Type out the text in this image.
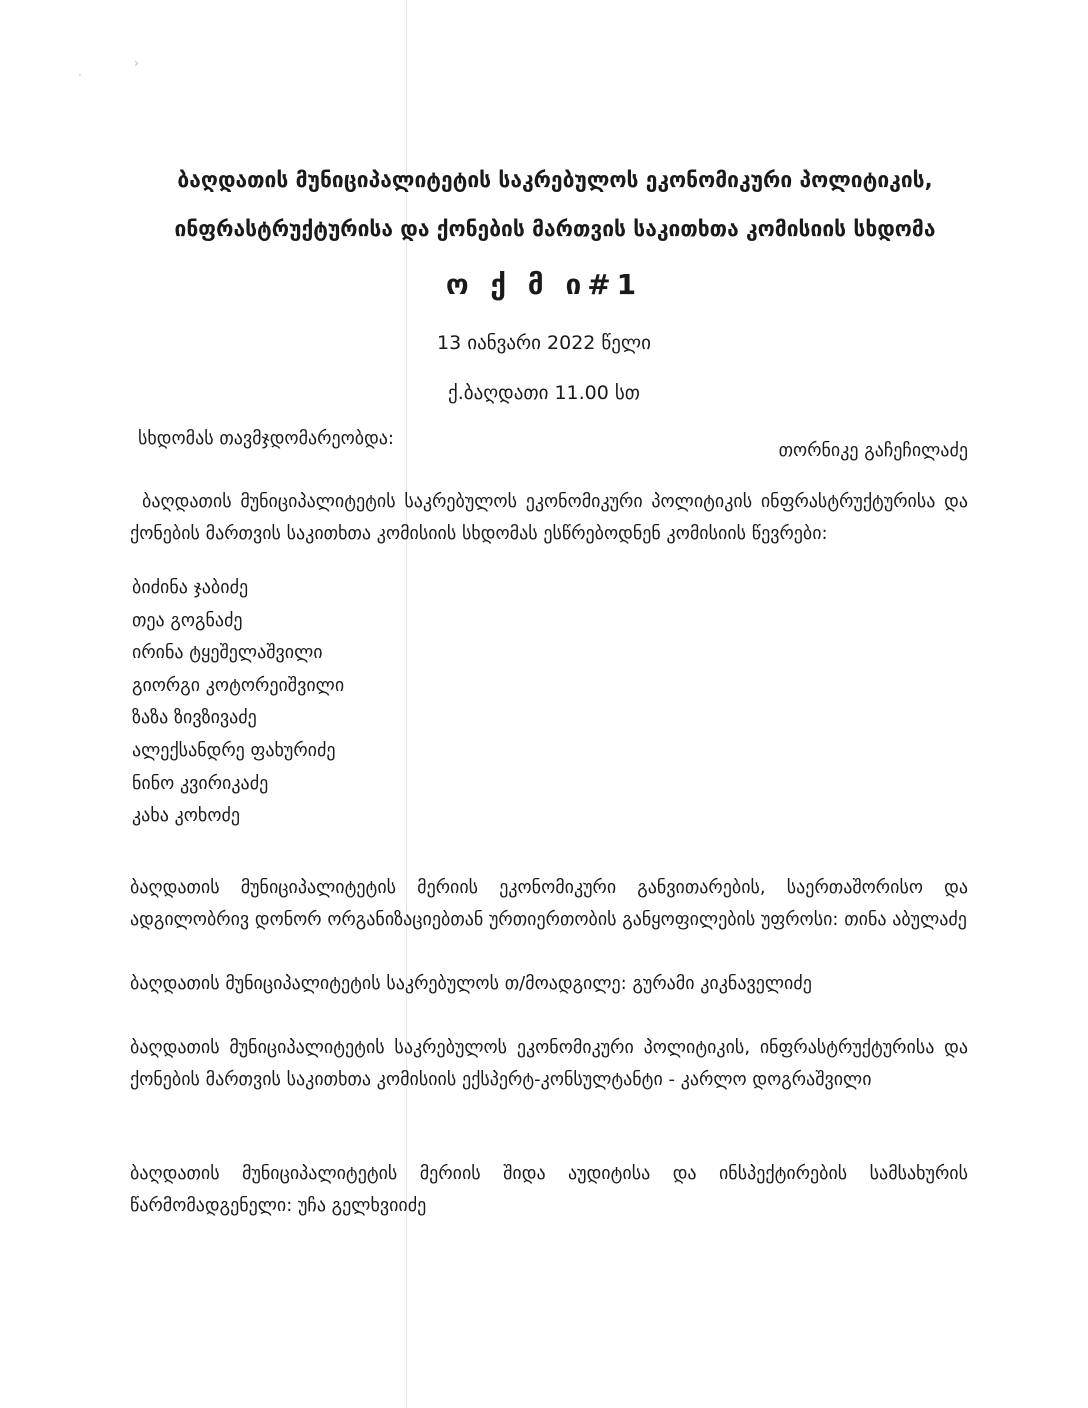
›
·
ბაღდათის მუნიციპალიტეტის საკრებულოს ეკონომიკური პოლიტიკის,
ინფრასტრუქტურისა და ქონების მართვის საკითხთა კომისიის სხდომა
ო ქ მ ი#1
13 იანვარი 2022 წელი
ქ.ბაღდათი 11.00 სთ
სხდომას თავმჯდომარეობდა:
თორნიკე გაჩეჩილაძე
ბაღდათის მუნიციპალიტეტის საკრებულოს ეკონომიკური პოლიტიკის ინფრასტრუქტურისა და ქონების მართვის საკითხთა კომისიის სხდომას ესწრებოდნენ კომისიის წევრები:
ბიძინა ჯაბიძე
თეა გოგნაძე
ირინა ტყეშელაშვილი
გიორგი კოტორეიშვილი
ზაზა ზივზივაძე
ალექსანდრე ფახურიძე
ნინო კვირიკაძე
კახა კოხოძე
ბაღდათის მუნიციპალიტეტის მერიის ეკონომიკური განვითარების, საერთაშორისო და ადგილობრივ დონორ ორგანიზაციებთან ურთიერთობის განყოფილების უფროსი: თინა აბულაძე
ბაღდათის მუნიციპალიტეტის საკრებულოს თ/მოადგილე: გურამი კიკნაველიძე
ბაღდათის მუნიციპალიტეტის საკრებულოს ეკონომიკური პოლიტიკის, ინფრასტრუქტურისა და ქონების მართვის საკითხთა კომისიის ექსპერტ-კონსულტანტი - კარლო დოგრაშვილი
ბაღდათის მუნიციპალიტეტის მერიის შიდა აუდიტისა და ინსპექტირების სამსახურის წარმომადგენელი: უჩა გელხვიიძე
